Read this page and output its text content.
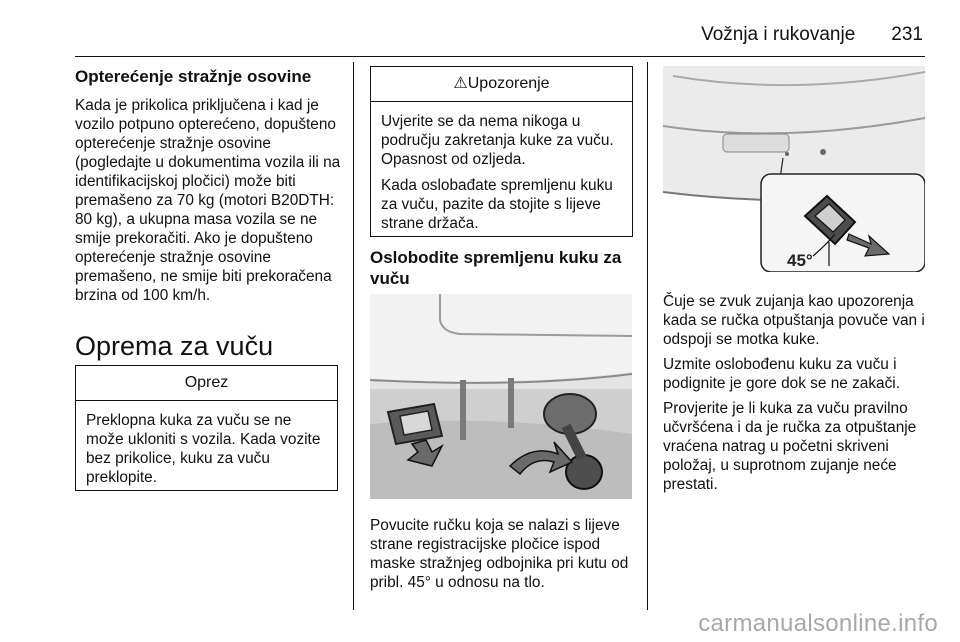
Vožnja i rukovanje 231
Opterećenje stražnje osovine
Kada je prikolica priključena i kad je vozilo potpuno opterećeno, dopušteno opterećenje stražnje osovine (pogledajte u dokumentima vozila ili na identifikacijskoj pločici) može biti premašeno za 70 kg (motori B20DTH: 80 kg), a ukupna masa vozila se ne smije prekoračiti. Ako je dopušteno opterećenje stražnje osovine premašeno, ne smije biti prekoračena brzina od 100 km/h.
Oprema za vuču
Oprez

Preklopna kuka za vuču se ne može ukloniti s vozila. Kada vozite bez prikolice, kuku za vuču preklopite.

⚠Upozorenje

Uvjerite se da nema nikoga u području zakretanja kuke za vuču. Opasnost od ozljeda.

Kada oslobađate spremljenu kuku za vuču, pazite da stojite s lijeve strane držača.

Oslobodite spremljenu kuku za vuču
Povucite ručku koja se nalazi s lijeve strane registracijske pločice ispod maske stražnjeg odbojnika pri kutu od pribl. 45° u odnosu na tlo.
45°
Čuje se zvuk zujanja kao upozorenja kada se ručka otpuštanja povuče van i odspoji se motka kuke.
Uzmite oslobođenu kuku za vuču i podignite je gore dok se ne zakači.
Provjerite je li kuka za vuču pravilno učvršćena i da je ručka za otpuštanje vraćena natrag u početni skriveni položaj, u suprotnom zujanje neće prestati.
carmanualsonline.info
